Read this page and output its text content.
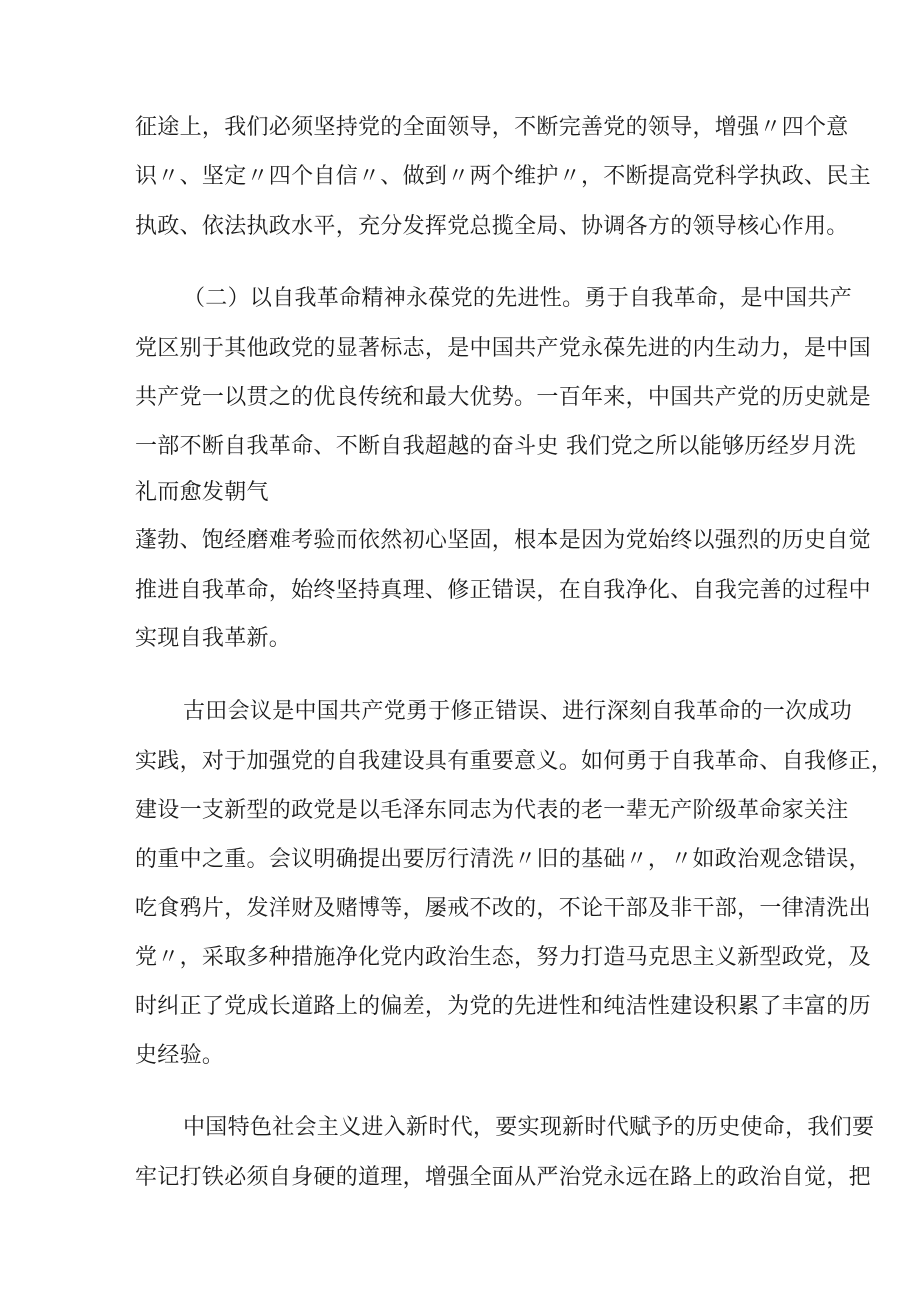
征途上，我们必须坚持党的全面领导，不断完善党的领导，增强〃四个意
识〃、坚定〃四个自信〃、做到〃两个维护〃，不断提高党科学执政、民主
执政、依法执政水平，充分发挥党总揽全局、协调各方的领导核心作用。
（二）以自我革命精神永葆党的先进性。勇于自我革命，是中国共产
党区别于其他政党的显著标志，是中国共产党永葆先进的内生动力，是中国
共产党一以贯之的优良传统和最大优势。一百年来，中国共产党的历史就是
一部不断自我革命、不断自我超越的奋斗史 我们党之所以能够历经岁月洗
礼而愈发朝气
蓬勃、饱经磨难考验而依然初心坚固，根本是因为党始终以强烈的历史自觉
推进自我革命，始终坚持真理、修正错误，在自我净化、自我完善的过程中
实现自我革新。
古田会议是中国共产党勇于修正错误、进行深刻自我革命的一次成功
实践，对于加强党的自我建设具有重要意义。如何勇于自我革命、自我修正，
建设一支新型的政党是以毛泽东同志为代表的老一辈无产阶级革命家关注
的重中之重。会议明确提出要厉行清洗〃旧的基础〃，〃如政治观念错误，
吃食鸦片，发洋财及赌博等，屡戒不改的，不论干部及非干部，一律清洗出
党〃，采取多种措施净化党内政治生态，努力打造马克思主义新型政党，及
时纠正了党成长道路上的偏差，为党的先进性和纯洁性建设积累了丰富的历
史经验。
中国特色社会主义进入新时代，要实现新时代赋予的历史使命，我们要
牢记打铁必须自身硬的道理，增强全面从严治党永远在路上的政治自觉，把
